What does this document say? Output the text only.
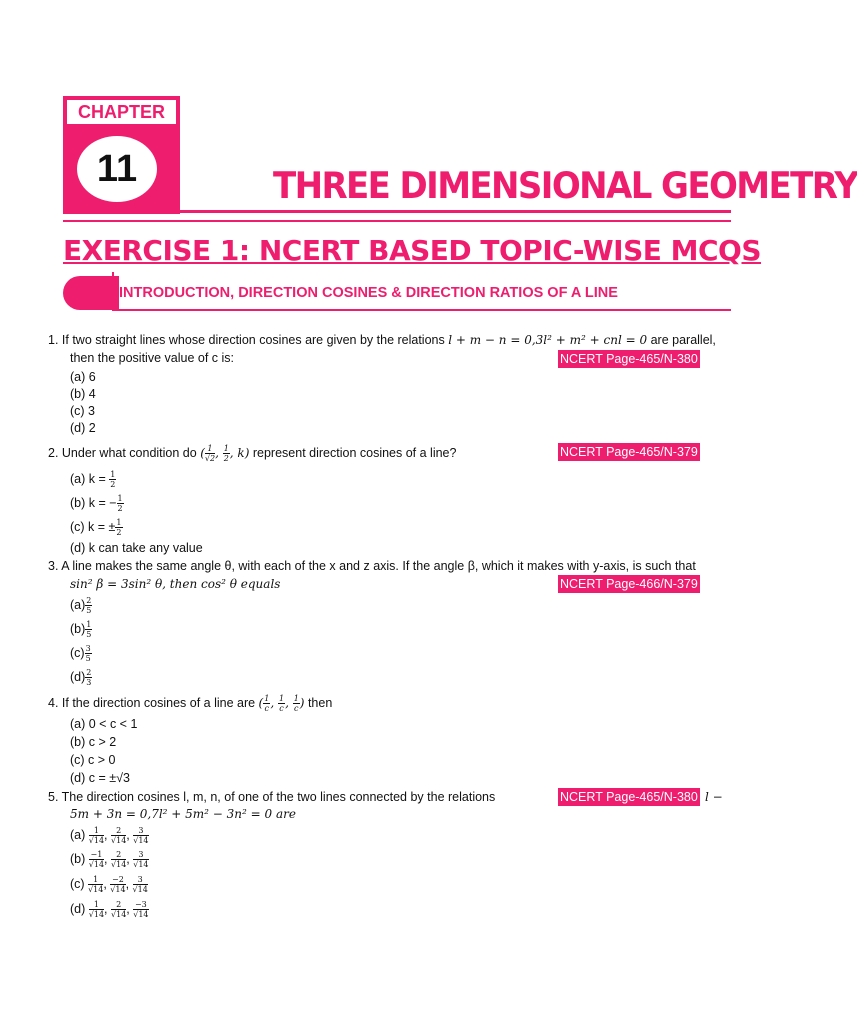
CHAPTER
11	THREE DIMENSIONAL GEOMETRY
EXERCISE 1: NCERT BASED TOPIC-WISE MCQS
INTRODUCTION, DIRECTION COSINES & DIRECTION RATIOS OF A LINE
1. If two straight lines whose direction cosines are given by the relations l + m − n = 0,3l² + m² + cnl = 0 are parallel,
then the positive value of c is:	NCERT Page-465/N-380
(a) 6
(b) 4
(c) 3
(d) 2
2. Under what condition do ( $\frac{1}{√2}$ , $\frac{1}{2}$ , k) represent direction cosines of a line?	NCERT Page-465/N-379
(a) $k = \frac{1}{2}$
(b) k = − $\frac{1}{2}$
(c) k = ± $\frac{1}{2}$
(d) k can take any value
3. A line makes the same angle θ, with each of the x and z axis. If the angle β, which it makes with y-axis, is such that
sin² β = 3sin² θ, then cos² θ equals	NCERT Page-466/N-379
$(a) \frac{2}{5}$
$(b) \frac{1}{5}$
$(c) \frac{3}{5}$
$(d) \frac{2}{3}$
4. If the direction cosines of a line are ( $\frac{1}{c}$ , $\frac{1}{c}$ , $\frac{1}{c}$ ) then
(a) 0 < c < 1
(b) c > 2
(c) c > 0
(d) c = ±√3
5. The direction cosines l, m, n, of one of the two lines connected by the relations	NCERT Page-465/N-380 l −
5m + 3n = 0,7l² + 5m² − 3n² = 0 are
$(a) \frac{1}{√14}$ , $\frac{2}{√14}$ , $\frac{3}{√14}$
$(b) \frac{-1}{√14}$ , $\frac{2}{√14}$ , $\frac{3}{√14}$
$(c) \frac{1}{√14}$ , $\frac{-2}{√14}$ , $\frac{3}{√14}$
$(d) \frac{1}{√14}$ , $\frac{2}{√14}$ , $\frac{-3}{√14}$
